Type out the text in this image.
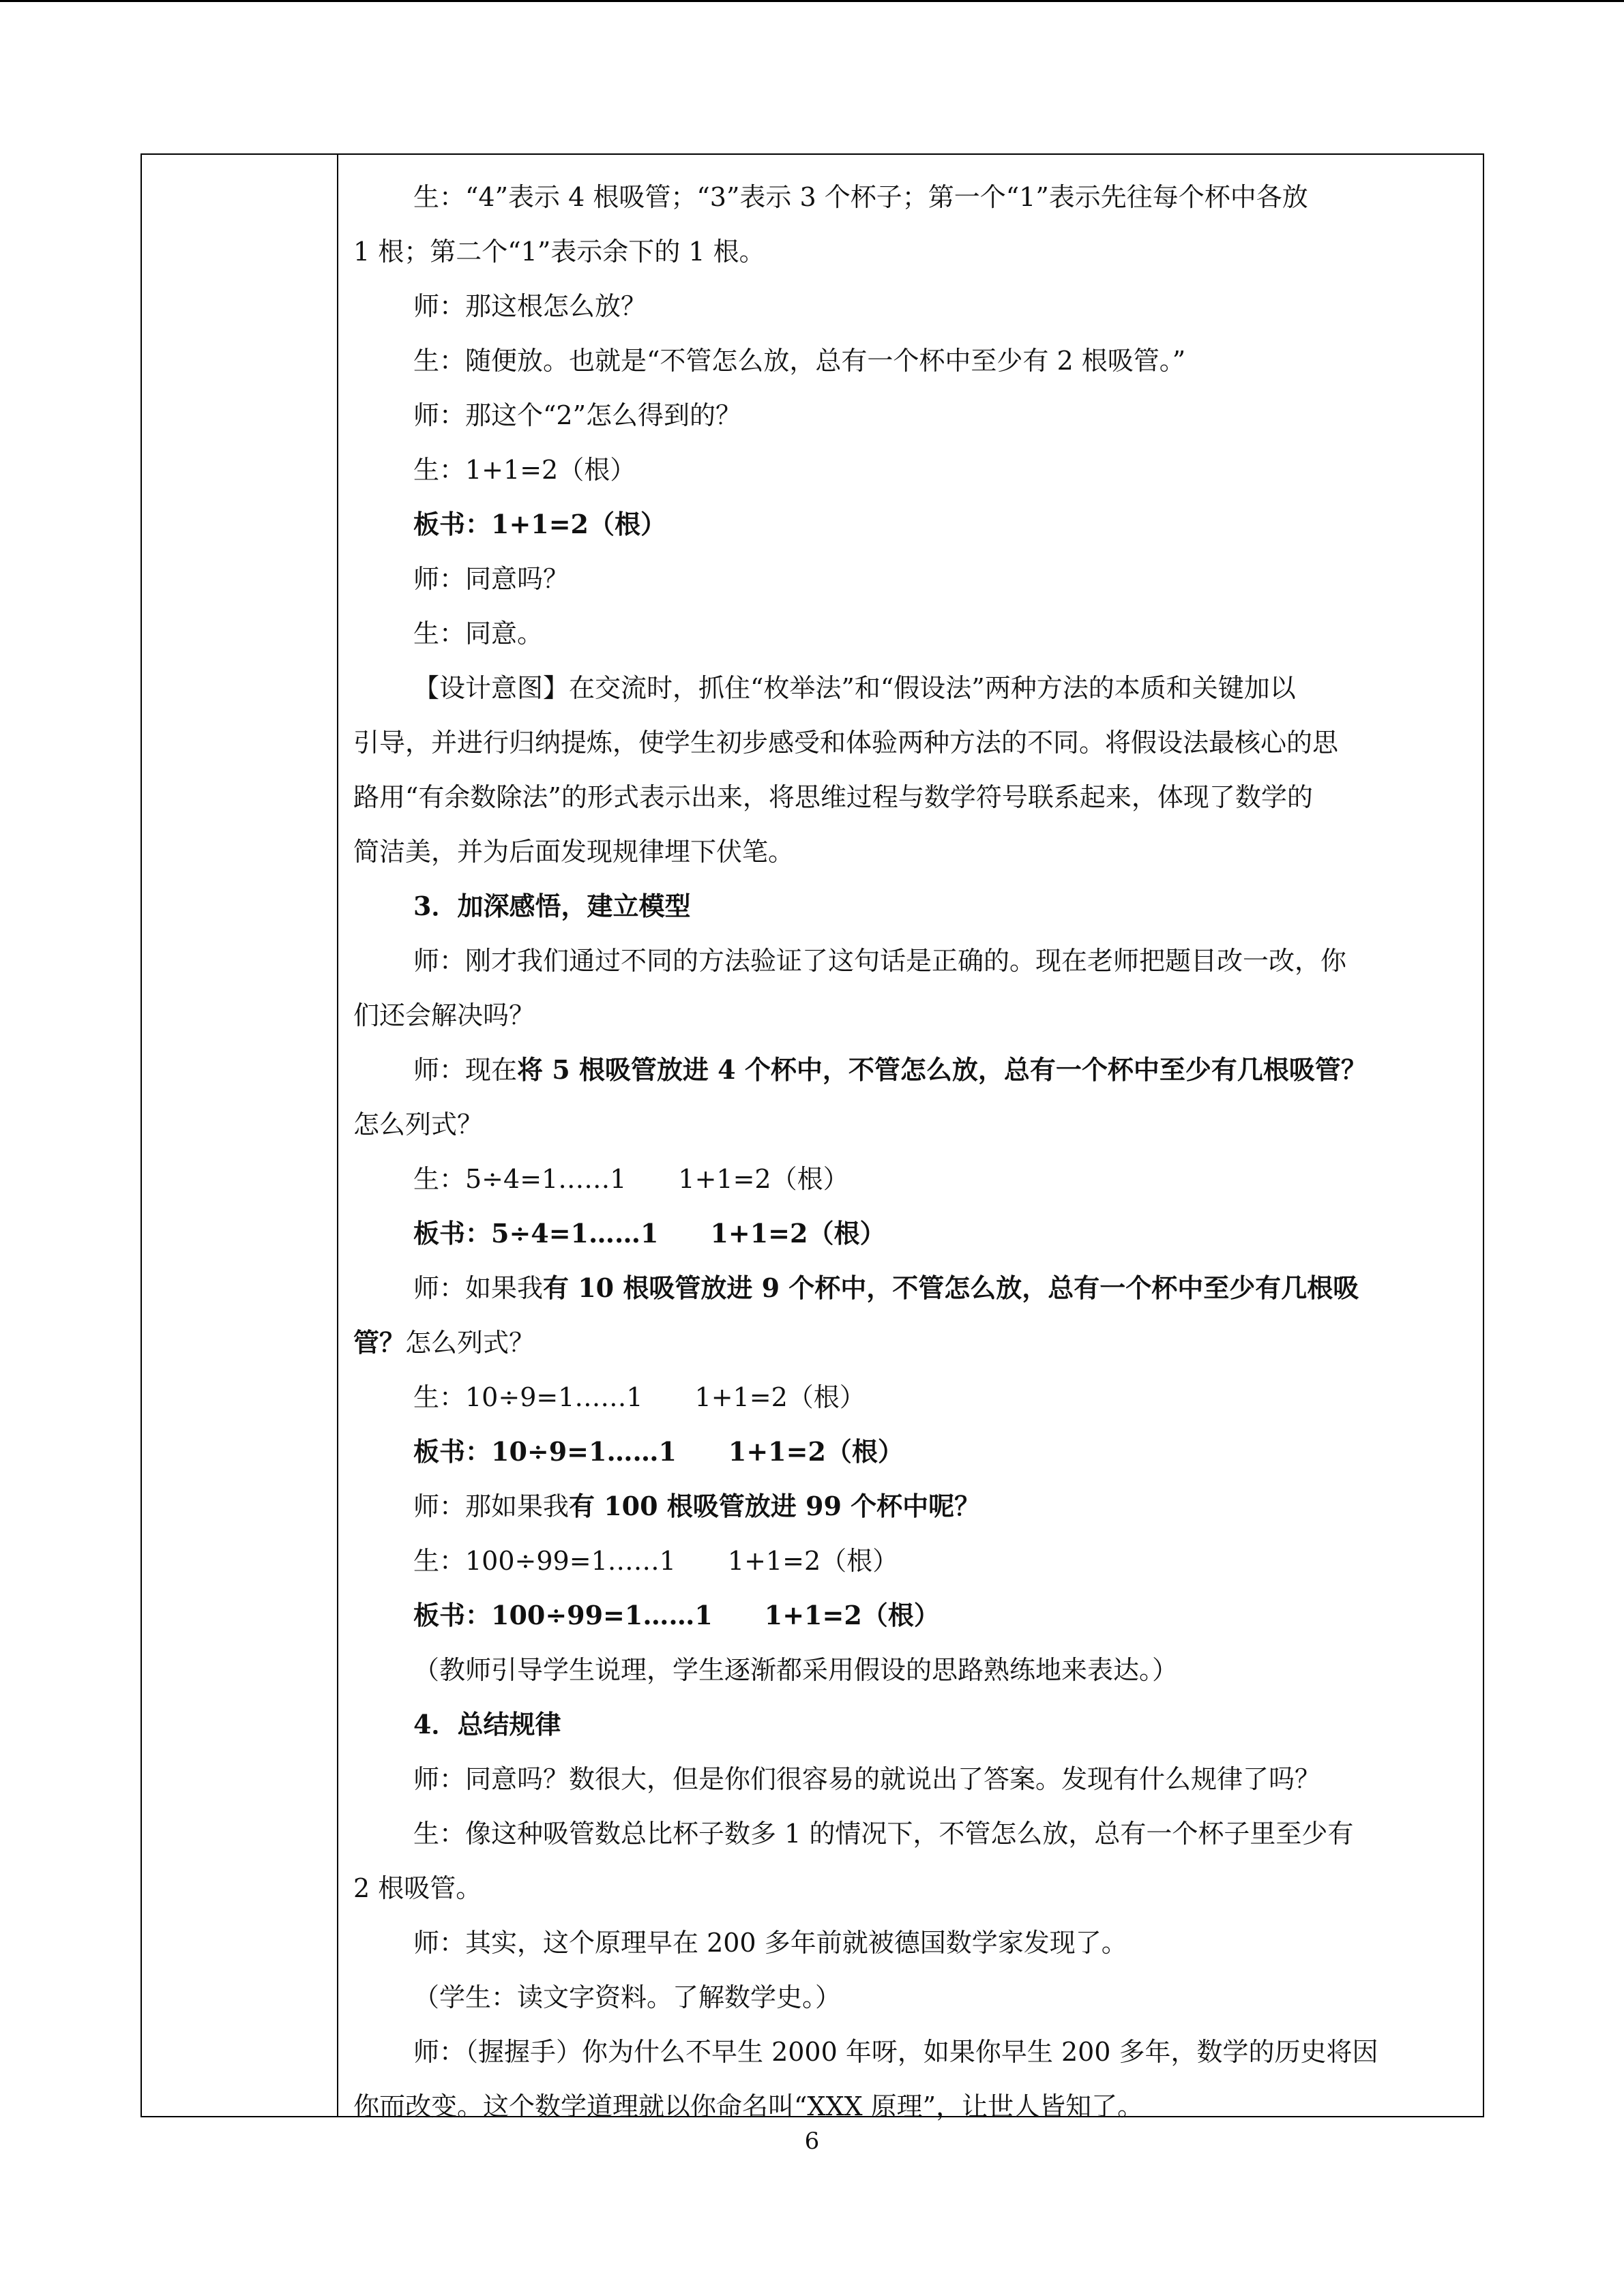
生：“4”表示 4 根吸管；“3”表示 3 个杯子；第一个“1”表示先往每个杯中各放
1 根；第二个“1”表示余下的 1 根。
师：那这根怎么放？
生：随便放。也就是“不管怎么放，总有一个杯中至少有 2 根吸管。”
师：那这个“2”怎么得到的？
生：1+1=2（根）
板书：1+1=2（根）
师：同意吗？
生：同意。
【设计意图】在交流时，抓住“枚举法”和“假设法”两种方法的本质和关键加以
引导，并进行归纳提炼，使学生初步感受和体验两种方法的不同。将假设法最核心的思
路用“有余数除法”的形式表示出来，将思维过程与数学符号联系起来，体现了数学的
简洁美，并为后面发现规律埋下伏笔。
3．加深感悟，建立模型
师：刚才我们通过不同的方法验证了这句话是正确的。现在老师把题目改一改，你
们还会解决吗？
师：现在将 5 根吸管放进 4 个杯中，不管怎么放，总有一个杯中至少有几根吸管？
怎么列式？
生：5÷4=1……1　　1+1=2（根）
板书：5÷4=1……1　　1+1=2（根）
师：如果我有 10 根吸管放进 9 个杯中，不管怎么放，总有一个杯中至少有几根吸
管？怎么列式？
生：10÷9=1……1　　1+1=2（根）
板书：10÷9=1……1　　1+1=2（根）
师：那如果我有 100 根吸管放进 99 个杯中呢？
生：100÷99=1……1　　1+1=2（根）
板书：100÷99=1……1　　1+1=2（根）
（教师引导学生说理，学生逐渐都采用假设的思路熟练地来表达。）
4．总结规律
师：同意吗？数很大，但是你们很容易的就说出了答案。发现有什么规律了吗？
生：像这种吸管数总比杯子数多 1 的情况下，不管怎么放，总有一个杯子里至少有
2 根吸管。
师：其实，这个原理早在 200 多年前就被德国数学家发现了。
（学生：读文字资料。了解数学史。）
师：（握握手）你为什么不早生 2000 年呀，如果你早生 200 多年，数学的历史将因
你而改变。这个数学道理就以你命名叫“XXX 原理”，让世人皆知了。
6
